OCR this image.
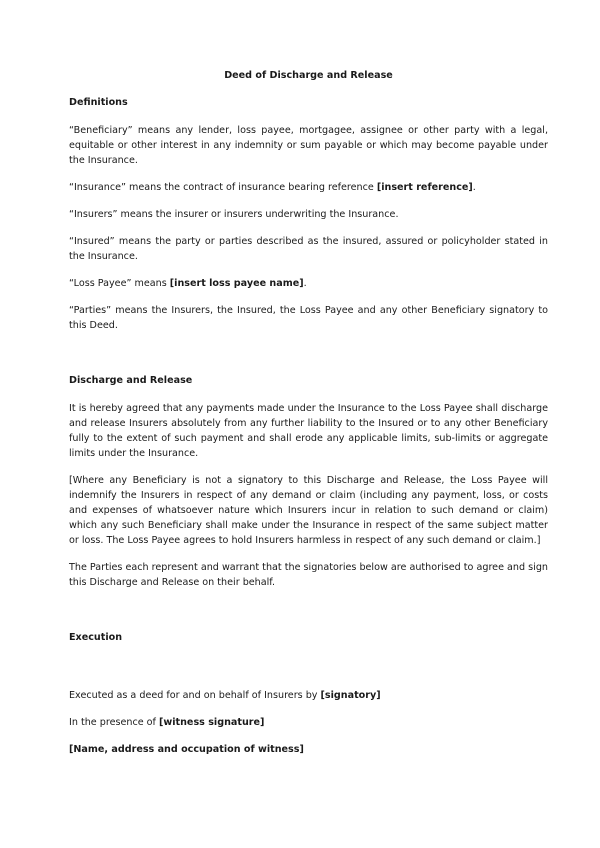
Deed of Discharge and Release
Definitions

“Beneficiary” means any lender, loss payee, mortgagee, assignee or other party with a legal, equitable or other interest in any indemnity or sum payable or which may become payable under the Insurance.

“Insurance” means the contract of insurance bearing reference [insert reference].

“Insurers” means the insurer or insurers underwriting the Insurance.

“Insured” means the party or parties described as the insured, assured or policyholder stated in the Insurance.

“Loss Payee” means [insert loss payee name].

“Parties” means the Insurers, the Insured, the Loss Payee and any other Beneficiary signatory to this Deed.

Discharge and Release

It is hereby agreed that any payments made under the Insurance to the Loss Payee shall discharge and release Insurers absolutely from any further liability to the Insured or to any other Beneficiary fully to the extent of such payment and shall erode any applicable limits, sub-limits or aggregate limits under the Insurance.

[Where any Beneficiary is not a signatory to this Discharge and Release, the Loss Payee will indemnify the Insurers in respect of any demand or claim (including any payment, loss, or costs and expenses of whatsoever nature which Insurers incur in relation to such demand or claim) which any such Beneficiary shall make under the Insurance in respect of the same subject matter or loss. The Loss Payee agrees to hold Insurers harmless in respect of any such demand or claim.]

The Parties each represent and warrant that the signatories below are authorised to agree and sign this Discharge and Release on their behalf.

Execution

Executed as a deed for and on behalf of Insurers by [signatory]

In the presence of [witness signature]

[Name, address and occupation of witness]
